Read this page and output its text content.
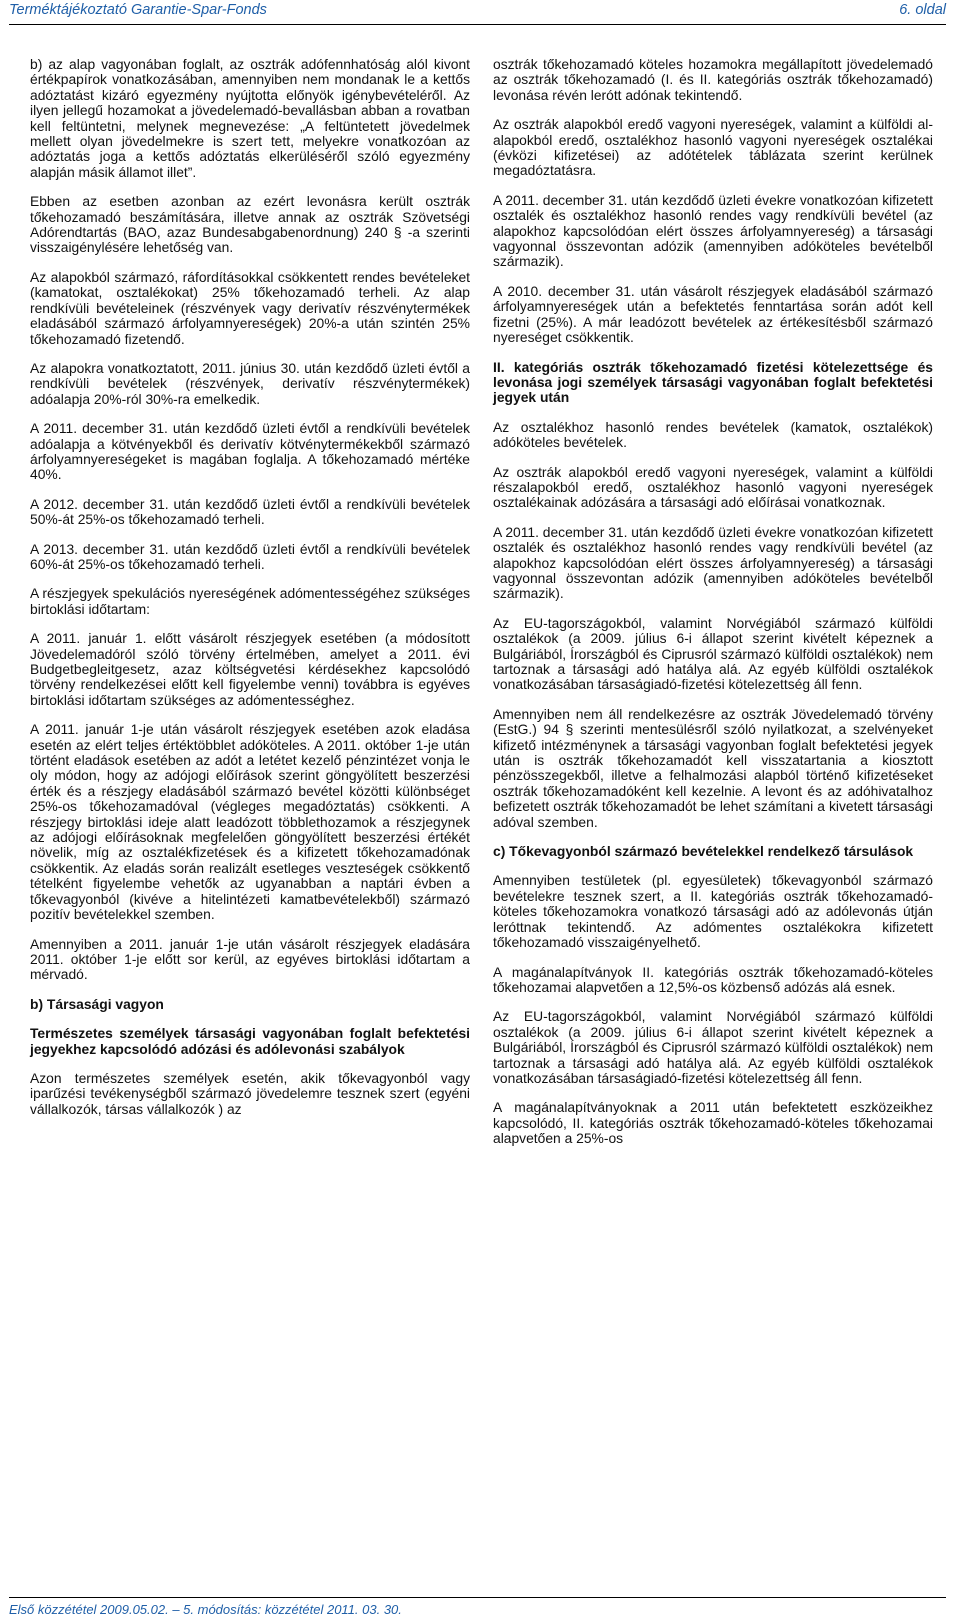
Terméktájékoztató Garantie-Spar-Fonds	6. oldal

b) az alap vagyonában foglalt, az osztrák adófennhatóság alól kivont értékpapírok vonatkozásában, amennyiben nem mondanak le a kettős adóztatást kizáró egyezmény nyújtotta előnyök igénybevételéről. Az ilyen jellegű hozamokat a jövedelemadó-bevallásban abban a rovatban kell feltüntetni, melynek megnevezése: „A feltüntetett jövedelmek mellett olyan jövedelmekre is szert tett, melyekre vonatkozóan az adóztatás joga a kettős adóztatás elkerüléséről szóló egyezmény alapján másik államot illet”.

Ebben az esetben azonban az ezért levonásra került osztrák tőkehozamadó beszámítására, illetve annak az osztrák Szövetségi Adórendtartás (BAO, azaz Bundesabgabenordnung) 240 § -a szerinti visszaigénylésére lehetőség van.

Az alapokból származó, ráfordításokkal csökkentett rendes bevételeket (kamatokat, osztalékokat) 25% tőkehozamadó terheli. Az alap rendkívüli bevételeinek (részvények vagy derivatív részvénytermékek eladásából származó árfolyamnyereségek) 20%-a után szintén 25% tőkehozamadó fizetendő.

Az alapokra vonatkoztatott, 2011. június 30. után kezdődő üzleti évtől a rendkívüli bevételek (részvények, derivatív részvénytermékek) adóalapja 20%-ról 30%-ra emelkedik.

A 2011. december 31. után kezdődő üzleti évtől a rendkívüli bevételek adóalapja a kötvényekből és derivatív kötvénytermékekből származó árfolyamnyereségeket is magában foglalja. A tőkehozamadó mértéke 40%.

A 2012. december 31. után kezdődő üzleti évtől a rendkívüli bevételek 50%-át 25%-os tőkehozamadó terheli.

A 2013. december 31. után kezdődő üzleti évtől a rendkívüli bevételek 60%-át 25%-os tőkehozamadó terheli.

A részjegyek spekulációs nyereségének adómentességéhez szükséges birtoklási időtartam:

A 2011. január 1. előtt vásárolt részjegyek esetében (a módosított Jövedelemadóról szóló törvény értelmében, amelyet a 2011. évi Budgetbegleitgesetz, azaz költségvetési kérdésekhez kapcsolódó törvény rendelkezései előtt kell figyelembe venni) továbbra is egyéves birtoklási időtartam szükséges az adómentességhez.

A 2011. január 1-je után vásárolt részjegyek esetében azok eladása esetén az elért teljes értéktöbblet adóköteles. A 2011. október 1-je után történt eladások esetében az adót a letétet kezelő pénzintézet vonja le oly módon, hogy az adójogi előírások szerint göngyölített beszerzési érték és a részjegy eladásából származó bevétel közötti különbséget 25%-os tőkehozamadóval (végleges megadóztatás) csökkenti. A részjegy birtoklási ideje alatt leadózott többlethozamok a részjegynek az adójogi előírásoknak megfelelően göngyölített beszerzési értékét növelik, míg az osztalékfizetések és a kifizetett tőkehozamadónak csökkentik. Az eladás során realizált esetleges veszteségek csökkentő tételként figyelembe vehetők az ugyanabban a naptári évben a tőkevagyonból (kivéve a hitelintézeti kamatbevételekből) származó pozitív bevételekkel szemben.

Amennyiben a 2011. január 1-je után vásárolt részjegyek eladására 2011. október 1-je előtt sor kerül, az egyéves birtoklási időtartam a mérvadó.

b) Társasági vagyon

Természetes személyek társasági vagyonában foglalt befektetési jegyekhez kapcsolódó adózási és adólevonási szabályok

Azon természetes személyek esetén, akik tőkevagyonból vagy iparűzési tevékenységből származó jövedelemre tesznek szert (egyéni vállalkozók, társas vállalkozók ) az

osztrák tőkehozamadó köteles hozamokra megállapított jövedelemadó az osztrák tőkehozamadó (I. és II. kategóriás osztrák tőkehozamadó) levonása révén lerótt adónak tekintendő.

Az osztrák alapokból eredő vagyoni nyereségek, valamint a külföldi al-alapokból eredő, osztalékhoz hasonló vagyoni nyereségek osztalékai (évközi kifizetései) az adótételek táblázata szerint kerülnek megadóztatásra.

A 2011. december 31. után kezdődő üzleti évekre vonatkozóan kifizetett osztalék és osztalékhoz hasonló rendes vagy rendkívüli bevétel (az alapokhoz kapcsolódóan elért összes árfolyamnyereség) a társasági vagyonnal összevontan adózik (amennyiben adóköteles bevételből származik).

A 2010. december 31. után vásárolt részjegyek eladásából származó árfolyamnyereségek után a befektetés fenntartása során adót kell fizetni (25%). A már leadózott bevételek az értékesítésből származó nyereséget csökkentik.

II. kategóriás osztrák tőkehozamadó fizetési kötelezettsége és levonása jogi személyek társasági vagyonában foglalt befektetési jegyek után

Az osztalékhoz hasonló rendes bevételek (kamatok, osztalékok) adóköteles bevételek.

Az osztrák alapokból eredő vagyoni nyereségek, valamint a külföldi részalapokból eredő, osztalékhoz hasonló vagyoni nyereségek osztalékainak adózására a társasági adó előírásai vonatkoznak.

A 2011. december 31. után kezdődő üzleti évekre vonatkozóan kifizetett osztalék és osztalékhoz hasonló rendes vagy rendkívüli bevétel (az alapokhoz kapcsolódóan elért összes árfolyamnyereség) a társasági vagyonnal összevontan adózik (amennyiben adóköteles bevételből származik).

Az EU-tagországokból, valamint Norvégiából származó külföldi osztalékok (a 2009. július 6-i állapot szerint kivételt képeznek a Bulgáriából, Írországból és Ciprusról származó külföldi osztalékok) nem tartoznak a társasági adó hatálya alá. Az egyéb külföldi osztalékok vonatkozásában társaságiadó-fizetési kötelezettség áll fenn.

Amennyiben nem áll rendelkezésre az osztrák Jövedelemadó törvény (EstG.) 94 § szerinti mentesülésről szóló nyilatkozat, a szelvényeket kifizető intézménynek a társasági vagyonban foglalt befektetési jegyek után is osztrák tőkehozamadót kell visszatartania a kiosztott pénzösszegekből, illetve a felhalmozási alapból történő kifizetéseket osztrák tőkehozamadóként kell kezelnie. A levont és az adóhivatalhoz befizetett osztrák tőkehozamadót be lehet számítani a kivetett társasági adóval szemben.

c) Tőkevagyonból származó bevételekkel rendelkező társulások

Amennyiben testületek (pl. egyesületek) tőkevagyonból származó bevételekre tesznek szert, a II. kategóriás osztrák tőkehozamadó-köteles tőkehozamokra vonatkozó társasági adó az adólevonás útján leróttnak tekintendő. Az adómentes osztalékokra kifizetett tőkehozamadó visszaigényelhető.

A magánalapítványok II. kategóriás osztrák tőkehozamadó-köteles tőkehozamai alapvetően a 12,5%-os közbenső adózás alá esnek.

Az EU-tagországokból, valamint Norvégiából származó külföldi osztalékok (a 2009. július 6-i állapot szerint kivételt képeznek a Bulgáriából, Írországból és Ciprusról származó külföldi osztalékok) nem tartoznak a társasági adó hatálya alá. Az egyéb külföldi osztalékok vonatkozásában társaságiadó-fizetési kötelezettség áll fenn.

A magánalapítványoknak a 2011 után befektetett eszközeikhez kapcsolódó, II. kategóriás osztrák tőkehozamadó-köteles tőkehozamai alapvetően a 25%-os

Első közzététel 2009.05.02. – 5. módosítás: közzététel 2011. 03. 30.
